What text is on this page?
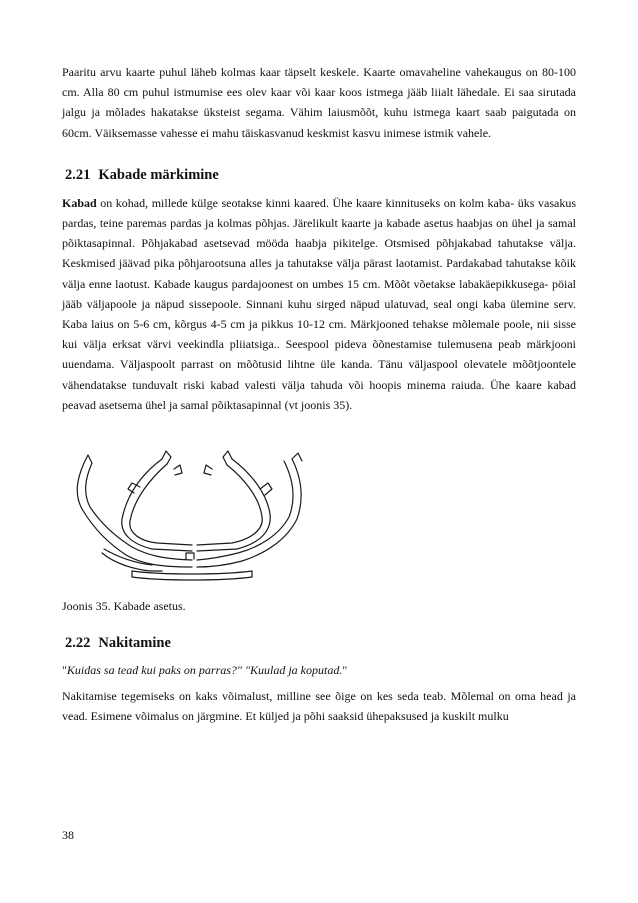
Paaritu arvu kaarte puhul läheb kolmas kaar täpselt keskele. Kaarte omavaheline vahekaugus on 80-100 cm. Alla 80 cm puhul istmumise ees olev kaar või kaar koos istmega jääb liialt lähedale. Ei saa sirutada jalgu ja mõlades hakatakse üksteist segama. Vähim laiusmõõt, kuhu istmega kaart saab paigutada on 60cm. Väiksemasse vahesse ei mahu täiskasvanud keskmist kasvu inimese istmik vahele.

2.21 Kabade märkimine

Kabad on kohad, millede külge seotakse kinni kaared. Ühe kaare kinnituseks on kolm kaba- üks vasakus pardas, teine paremas pardas ja kolmas põhjas. Järelikult kaarte ja kabade asetus haabjas on ühel ja samal põiktasapinnal. Põhjakabad asetsevad mööda haabja pikitelge. Otsmised põhjakabad tahutakse välja. Keskmised jäävad pika põhjarootsuna alles ja tahutakse välja pärast laotamist. Pardakabad tahutakse kõik välja enne laotust. Kabade kaugus pardajoonest on umbes 15 cm. Mõõt võetakse labakäepikkusega- pöial jääb väljapoole ja näpud sissepoole. Sinnani kuhu sirged näpud ulatuvad, seal ongi kaba ülemine serv. Kaba laius on 5-6 cm, kõrgus 4-5 cm ja pikkus 10-12 cm. Märkjooned tehakse mõlemale poole, nii sisse kui välja erksat värvi veekindla pliiatsiga.. Seespool pideva õõnestamise tulemusena peab märkjooni uuendama. Väljaspoolt parrast on mõõtusid lihtne üle kanda. Tänu väljaspool olevatele mõõtjoontele vähendatakse tunduvalt riski kabad valesti välja tahuda või hoopis minema raiuda. Ühe kaare kabad peavad asetsema ühel ja samal põiktasapinnal (vt joonis 35).

Joonis 35. Kabade asetus.

2.22 Nakitamine

"Kuidas sa tead kui paks on parras?" "Kuulad ja koputad."

Nakitamise tegemiseks on kaks võimalust, milline see õige on kes seda teab. Mõlemal on oma head ja vead. Esimene võimalus on järgmine. Et küljed ja põhi saaksid ühepaksused ja kuskilt mulku

38
